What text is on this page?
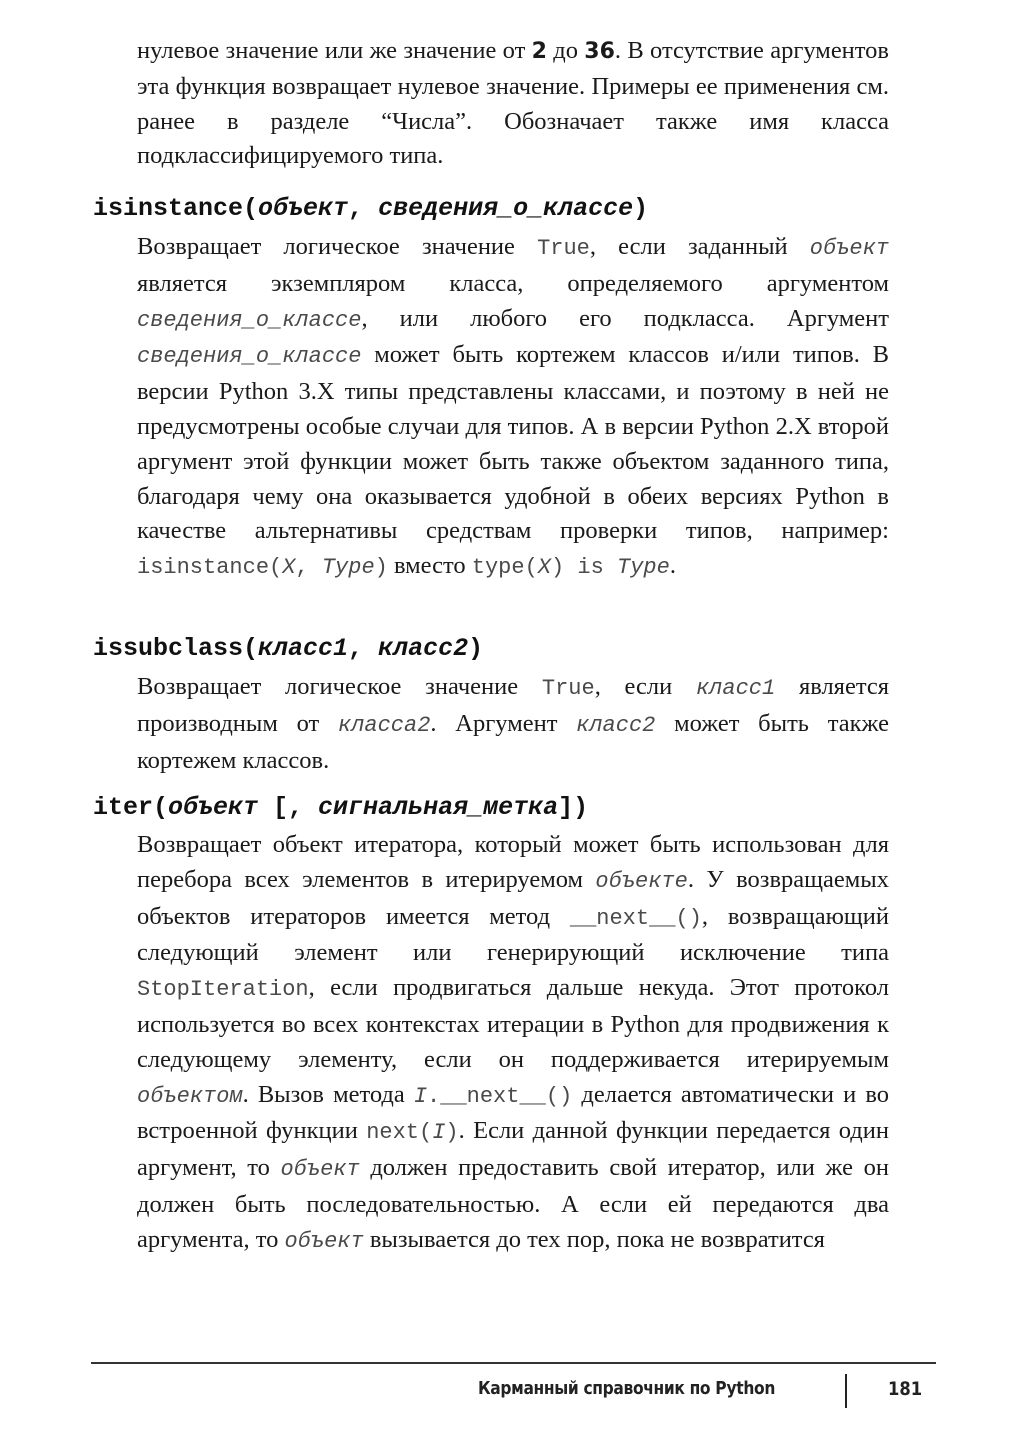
нулевое значение или же значение от 2 до 36. В отсутствие аргументов эта функция возвращает нулевое значение. Примеры ее применения см. ранее в разделе “Числа”. Обозначает также имя класса подклассифицируемого типа.

isinstance(объект, сведения_о_классе)

Возвращает логическое значение True, если заданный объект является экземпляром класса, определяемого аргументом сведения_о_классе, или любого его подкласса. Аргумент сведения_о_классе может быть кортежем классов и/или типов. В версии Python 3.X типы представлены классами, и поэтому в ней не предусмотрены особые случаи для типов. А в версии Python 2.X второй аргумент этой функции может быть также объектом заданного типа, благодаря чему она оказывается удобной в обеих версиях Python в качестве альтернативы средствам проверки типов, например: isinstance(X, Type) вместо type(X) is Type.

issubclass(класс1, класс2)

Возвращает логическое значение True, если класс1 является производным от класса2. Аргумент класс2 может быть также кортежем классов.

iter(объект [, сигнальная_метка])

Возвращает объект итератора, который может быть использован для перебора всех элементов в итерируемом объекте. У возвращаемых объектов итераторов имеется метод __next__(), возвращающий следующий элемент или генерирующий исключение типа StopIteration, если продвигаться дальше некуда. Этот протокол используется во всех контекстах итерации в Python для продвижения к следующему элементу, если он поддерживается итерируемым объектом. Вызов метода I.__next__() делается автоматически и во встроенной функции next(I). Если данной функции передается один аргумент, то объект должен предоставить свой итератор, или же он должен быть последовательностью. А если ей передаются два аргумента, то объект вызывается до тех пор, пока не возвратится

Карманный справочник по Python	181
